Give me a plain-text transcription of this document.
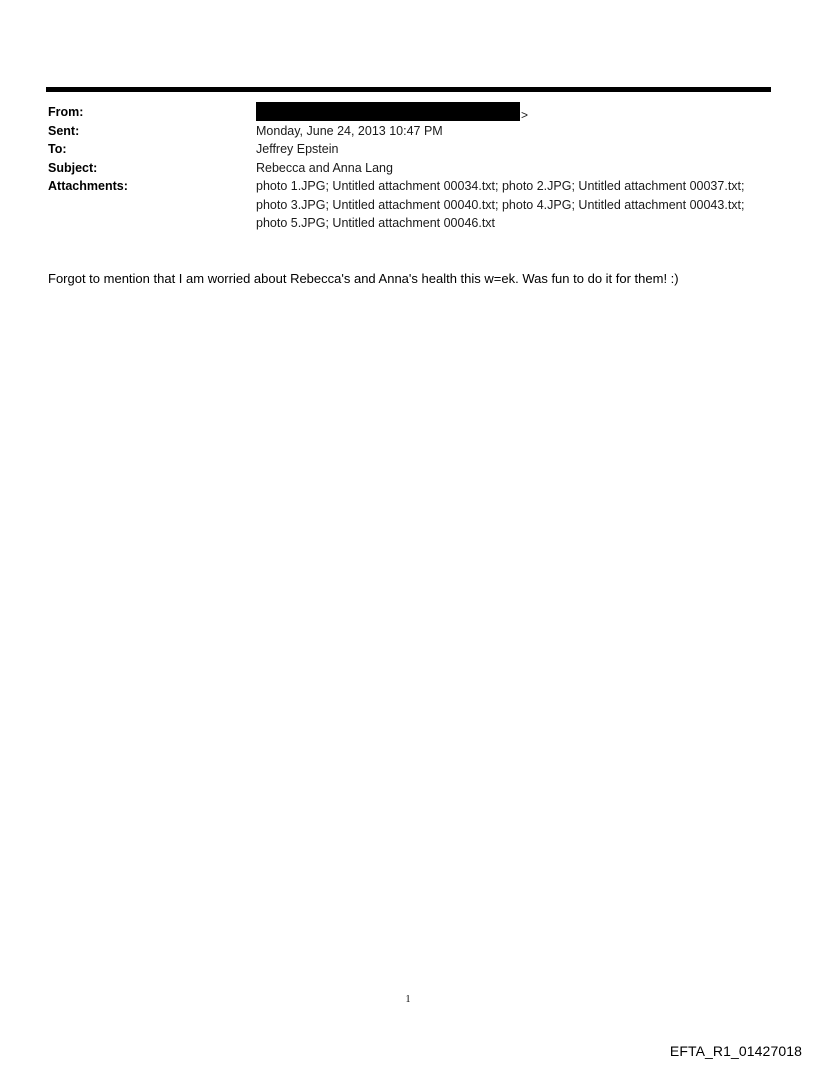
From:	>
Sent:	Monday, June 24, 2013 10:47 PM
To:	Jeffrey Epstein
Subject:	Rebecca and Anna Lang
Attachments:	photo 1.JPG; Untitled attachment 00034.txt; photo 2.JPG; Untitled attachment 00037.txt; photo 3.JPG; Untitled attachment 00040.txt; photo 4.JPG; Untitled attachment 00043.txt; photo 5.JPG; Untitled attachment 00046.txt
Forgot to mention that I am worried about Rebecca's and Anna's health this w=ek. Was fun to do it for them! :)
1
EFTA_R1_01427018
